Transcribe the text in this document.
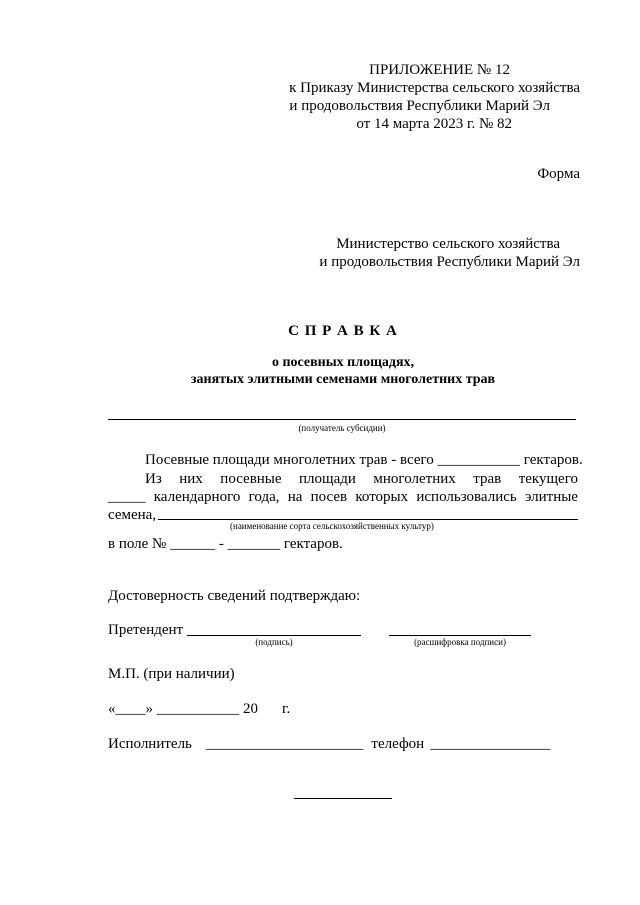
ПРИЛОЖЕНИЕ № 12
к Приказу Министерства сельского хозяйства
и продовольствия Республики Марий Эл
от 14 марта 2023 г. № 82
Форма
Министерство сельского хозяйства
и продовольствия Республики Марий Эл
С П Р А В К А
о посевных площадях,
занятых элитными семенами многолетних трав
(получатель субсидии)
Посевные площади многолетних трав - всего ___________ гектаров.
Из них посевные площади многолетних трав текущего
_____ календарного года, на посев которых использовались элитные
семена,
(наименование сорта сельскохозяйственных культур)
в поле № ______ - _______ гектаров.
Достоверность сведений подтверждаю:
Претендент
(подпись)	(расшифровка подписи)
М.П. (при наличии)
«____» ___________ 20 г.
Исполнитель _____________________ телефон ________________
